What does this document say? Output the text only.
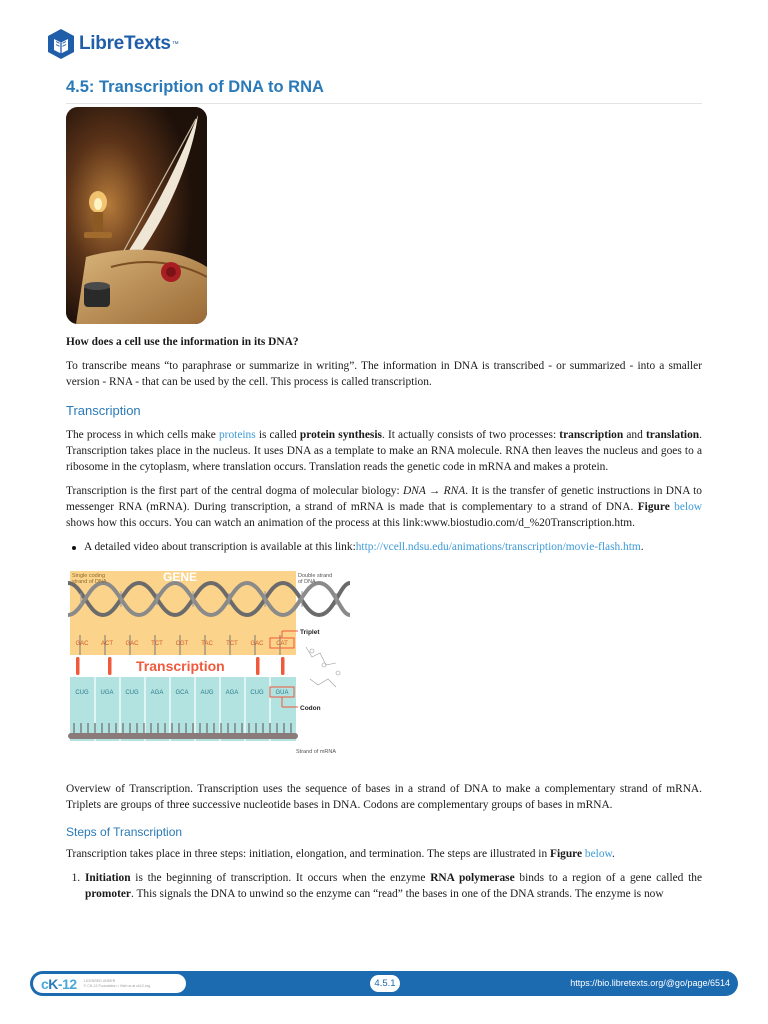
LibreTexts ™
4.5: Transcription of DNA to RNA

How does a cell use the information in its DNA?

To transcribe means “to paraphrase or summarize in writing”. The information in DNA is transcribed - or summarized - into a smaller version - RNA - that can be used by the cell. This process is called transcription.

Transcription

The process in which cells make proteins is called protein synthesis. It actually consists of two processes: transcription and translation. Transcription takes place in the nucleus. It uses DNA as a template to make an RNA molecule. RNA then leaves the nucleus and goes to a ribosome in the cytoplasm, where translation occurs. Translation reads the genetic code in mRNA and makes a protein.

Transcription is the first part of the central dogma of molecular biology: DNA → RNA. It is the transfer of genetic instructions in DNA to messenger RNA (mRNA). During transcription, a strand of mRNA is made that is complementary to a strand of DNA. Figure below shows how this occurs. You can watch an animation of the process at this link:www.biostudio.com/d_%20Transcription.htm.

A detailed video about transcription is available at this link:http://vcell.ndsu.edu/animations/transcription/movie-flash.htm.
Single coding strand of DNA	GENE	Double strand of DNA
GAC ACT GAC TCT CGT TAC TCT GAC CAT
Triplet
Transcription
CUG UGA CUG AGA GCA AUG AGA CUG GUA
Codon
Strand of mRNA

Overview of Transcription. Transcription uses the sequence of bases in a strand of DNA to make a complementary strand of mRNA. Triplets are groups of three successive nucleotide bases in DNA. Codons are complementary groups of bases in mRNA.

Steps of Transcription

Transcription takes place in three steps: initiation, elongation, and termination. The steps are illustrated in Figure below.

1. Initiation is the beginning of transcription. It occurs when the enzyme RNA polymerase binds to a region of a gene called the promoter. This signals the DNA to unwind so the enzyme can “read” the bases in one of the DNA strands. The enzyme is now
cK-12 LICENSED UNDER
© CK-12 Foundation • Visit us at ck12.org	4.5.1	https://bio.libretexts.org/@go/page/6514
